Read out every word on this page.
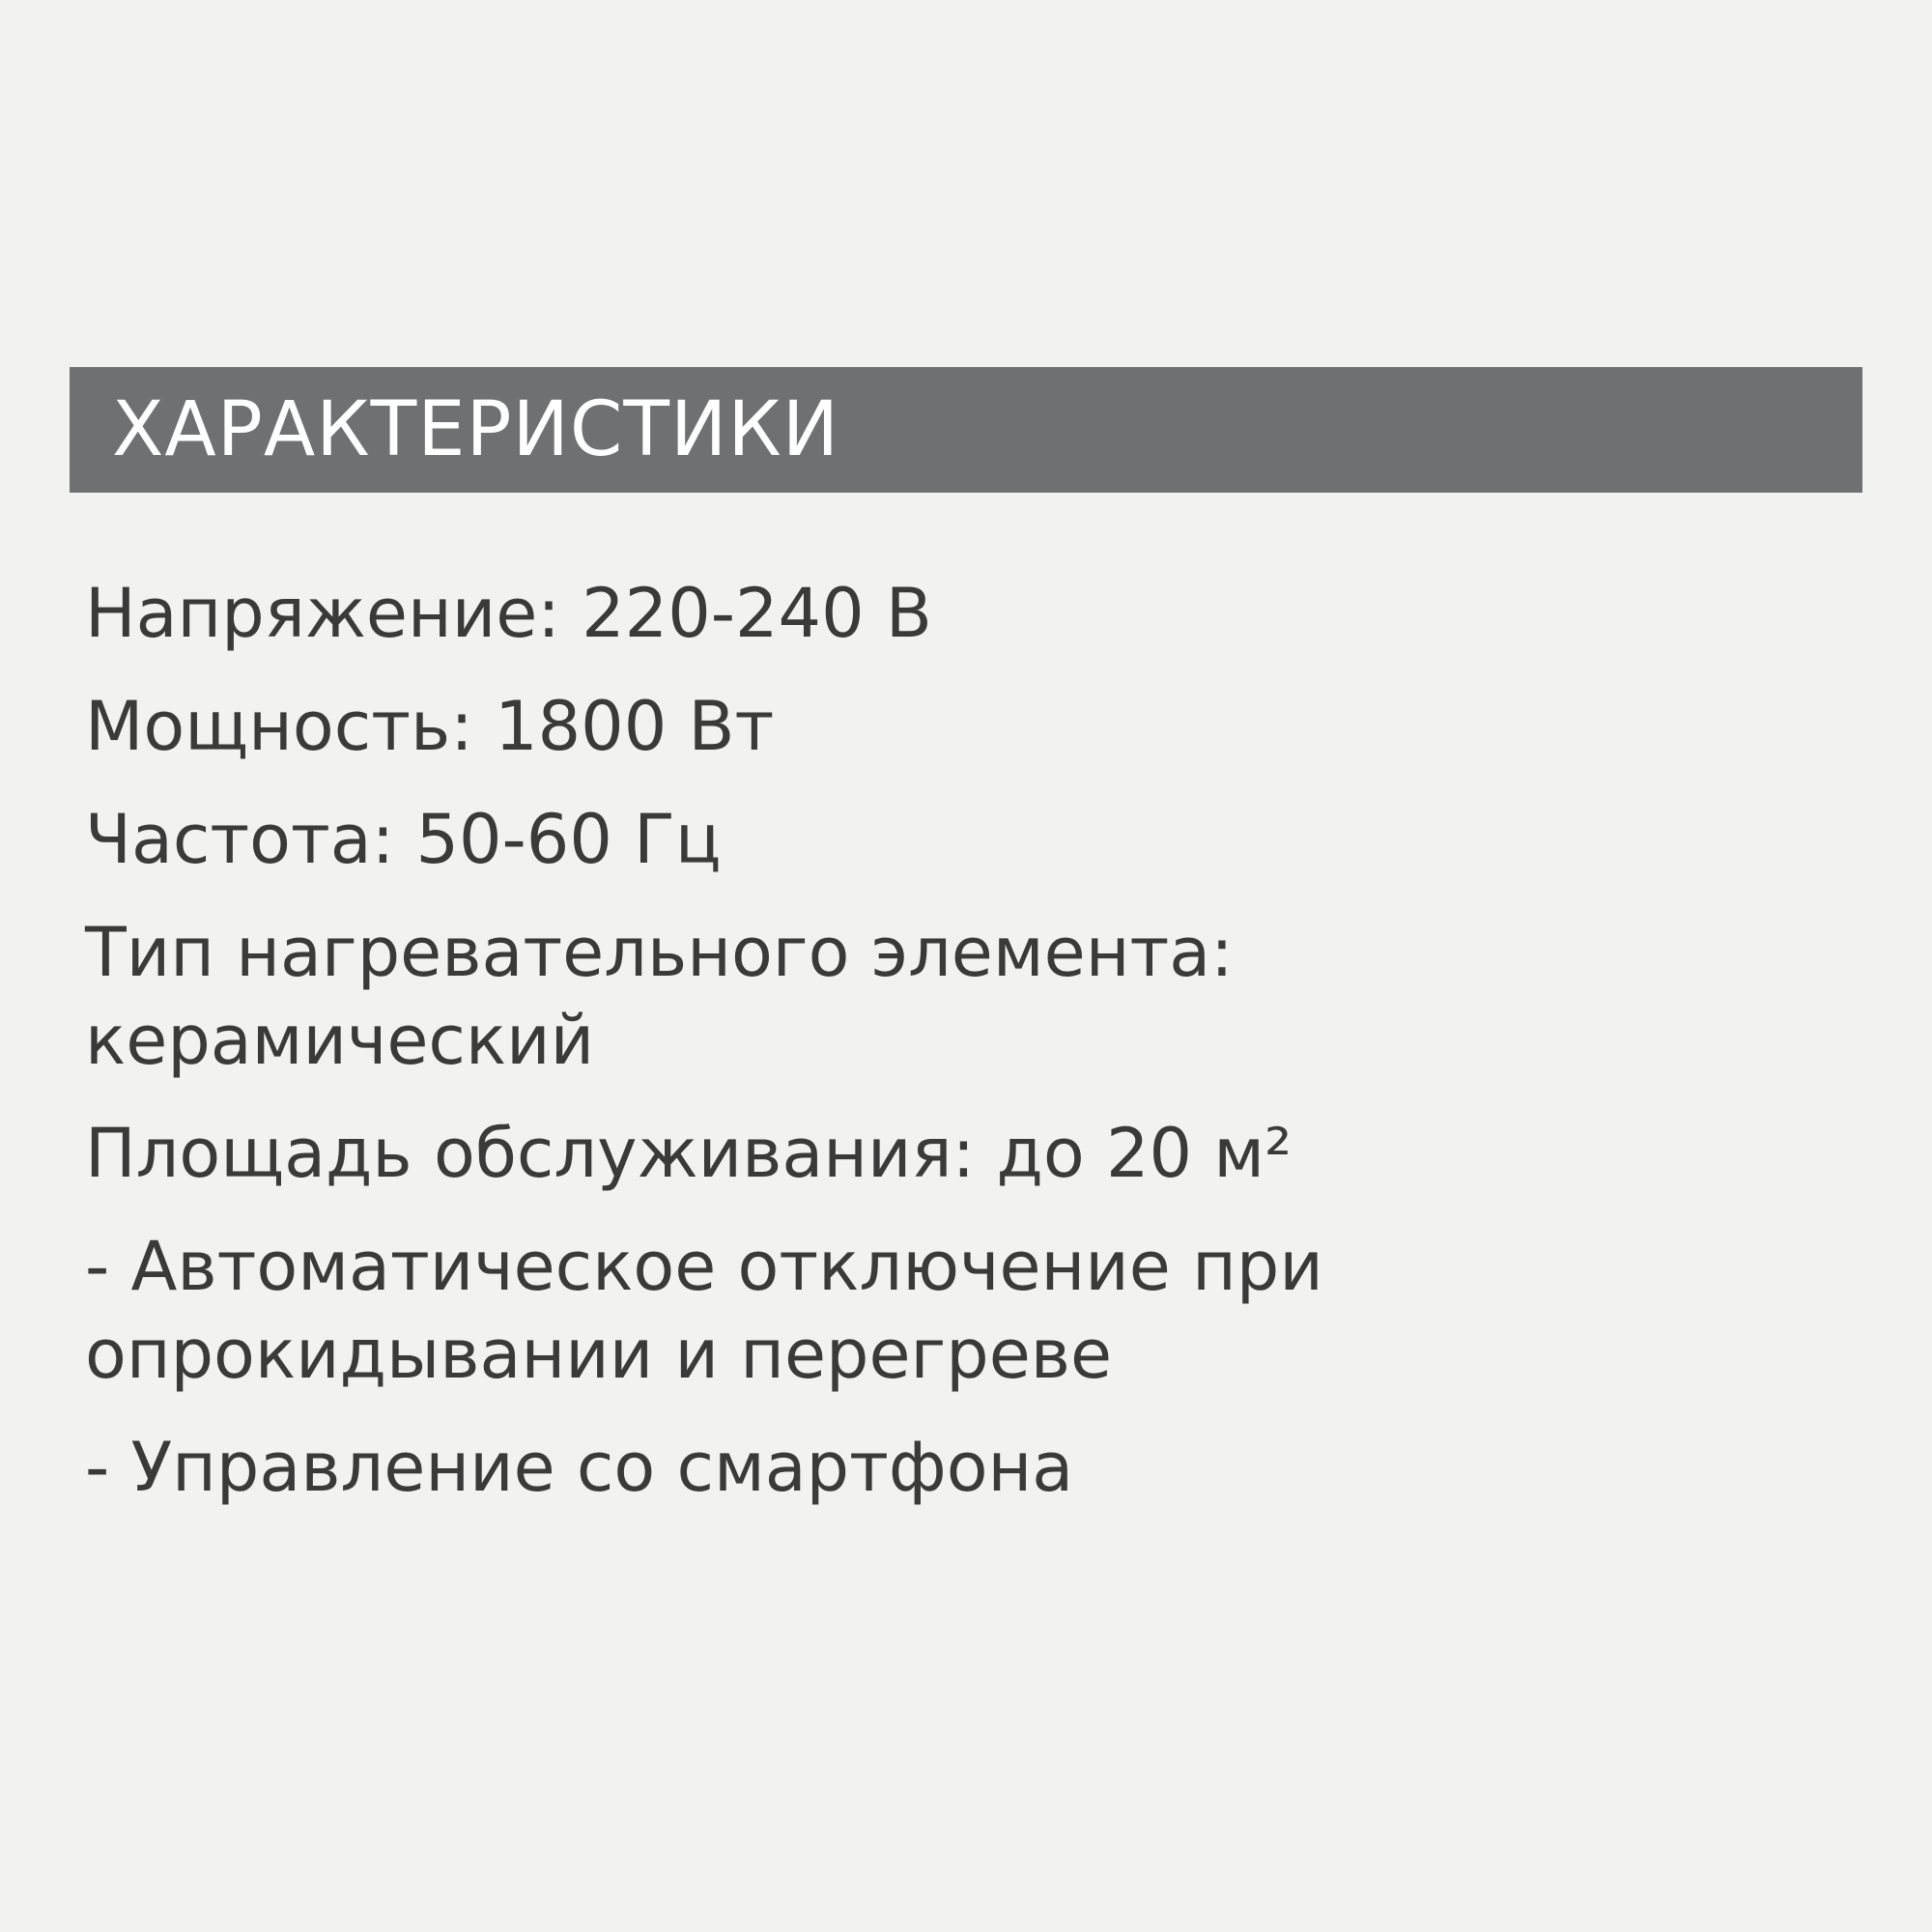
ХАРАКТЕРИСТИКИ
Напряжение: 220-240 В
Мощность: 1800 Вт
Частота: 50-60 Гц
Тип нагревательного элемента: керамический
Площадь обслуживания: до 20 м²
- Автоматическое отключение при опрокидывании и перегреве
- Управление со смартфона
